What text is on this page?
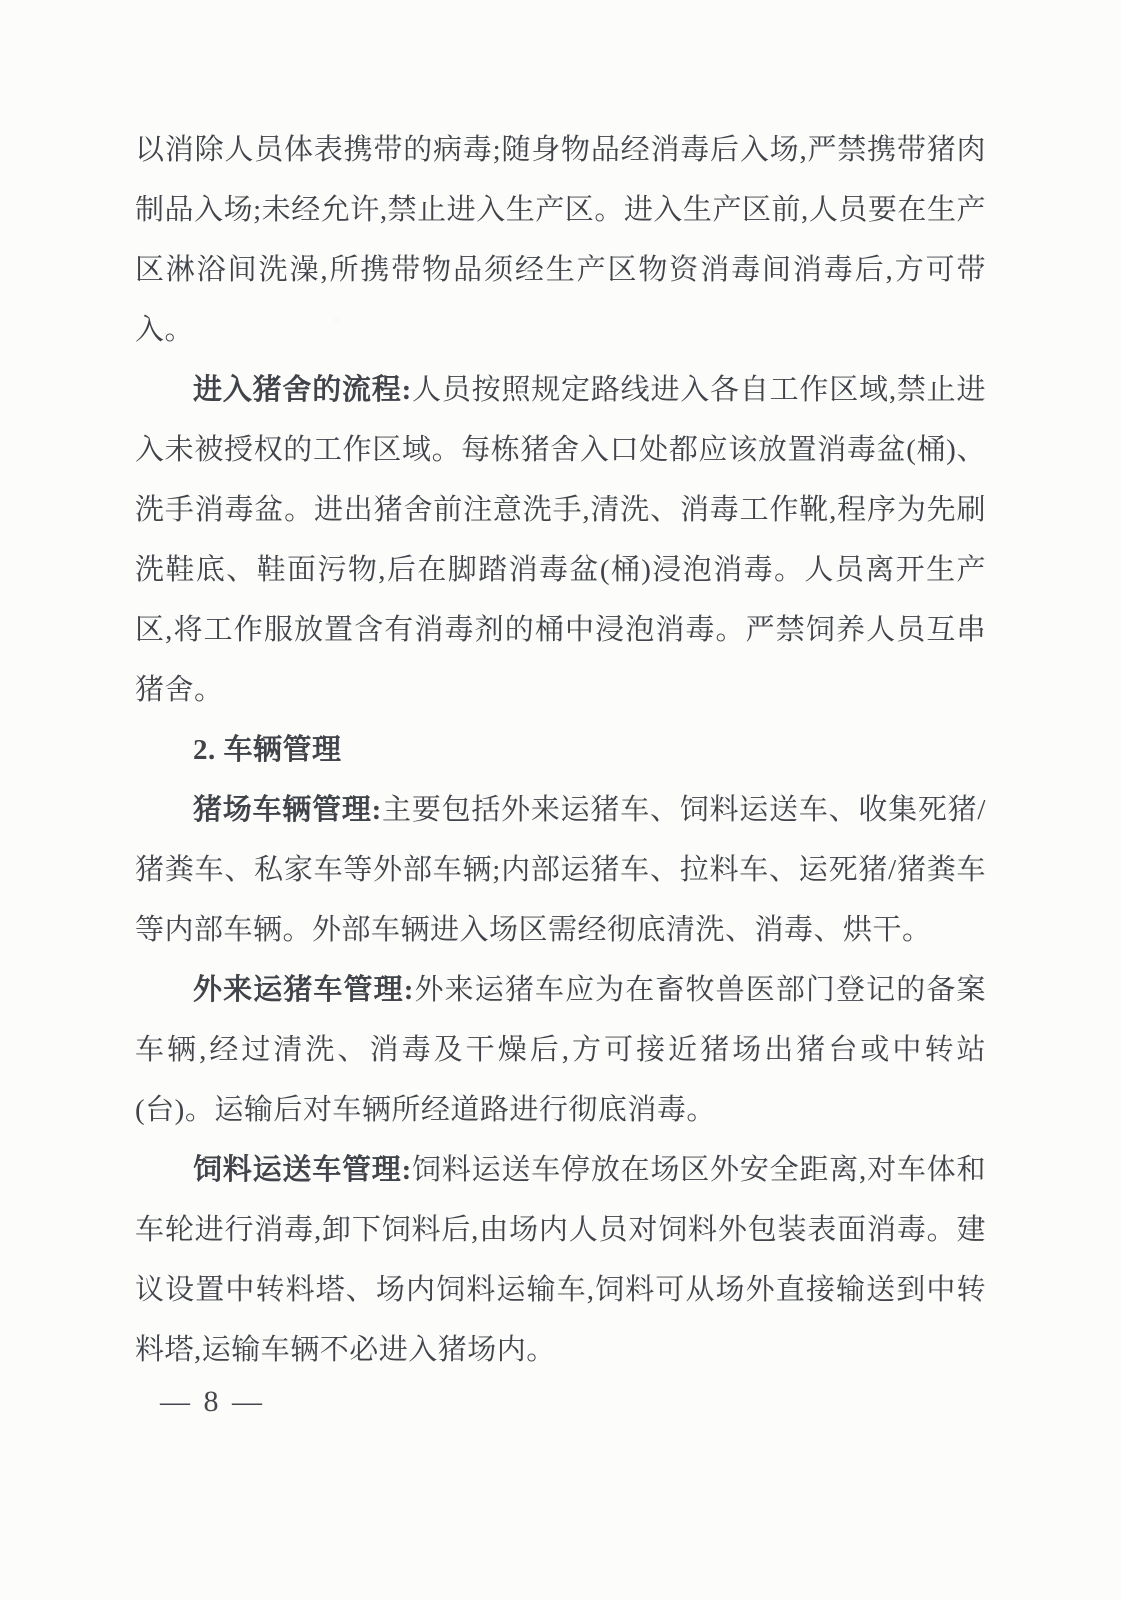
以消除人员体表携带的病毒;随身物品经消毒后入场,严禁携带猪肉制品入场;未经允许,禁止进入生产区。进入生产区前,人员要在生产区淋浴间洗澡,所携带物品须经生产区物资消毒间消毒后,方可带入。

进入猪舍的流程:人员按照规定路线进入各自工作区域,禁止进入未被授权的工作区域。每栋猪舍入口处都应该放置消毒盆(桶)、洗手消毒盆。进出猪舍前注意洗手,清洗、消毒工作靴,程序为先刷洗鞋底、鞋面污物,后在脚踏消毒盆(桶)浸泡消毒。人员离开生产区,将工作服放置含有消毒剂的桶中浸泡消毒。严禁饲养人员互串猪舍。

2. 车辆管理

猪场车辆管理:主要包括外来运猪车、饲料运送车、收集死猪/猪粪车、私家车等外部车辆;内部运猪车、拉料车、运死猪/猪粪车等内部车辆。外部车辆进入场区需经彻底清洗、消毒、烘干。

外来运猪车管理:外来运猪车应为在畜牧兽医部门登记的备案车辆,经过清洗、消毒及干燥后,方可接近猪场出猪台或中转站(台)。运输后对车辆所经道路进行彻底消毒。

饲料运送车管理:饲料运送车停放在场区外安全距离,对车体和车轮进行消毒,卸下饲料后,由场内人员对饲料外包装表面消毒。建议设置中转料塔、场内饲料运输车,饲料可从场外直接输送到中转料塔,运输车辆不必进入猪场内。

— 8 —
